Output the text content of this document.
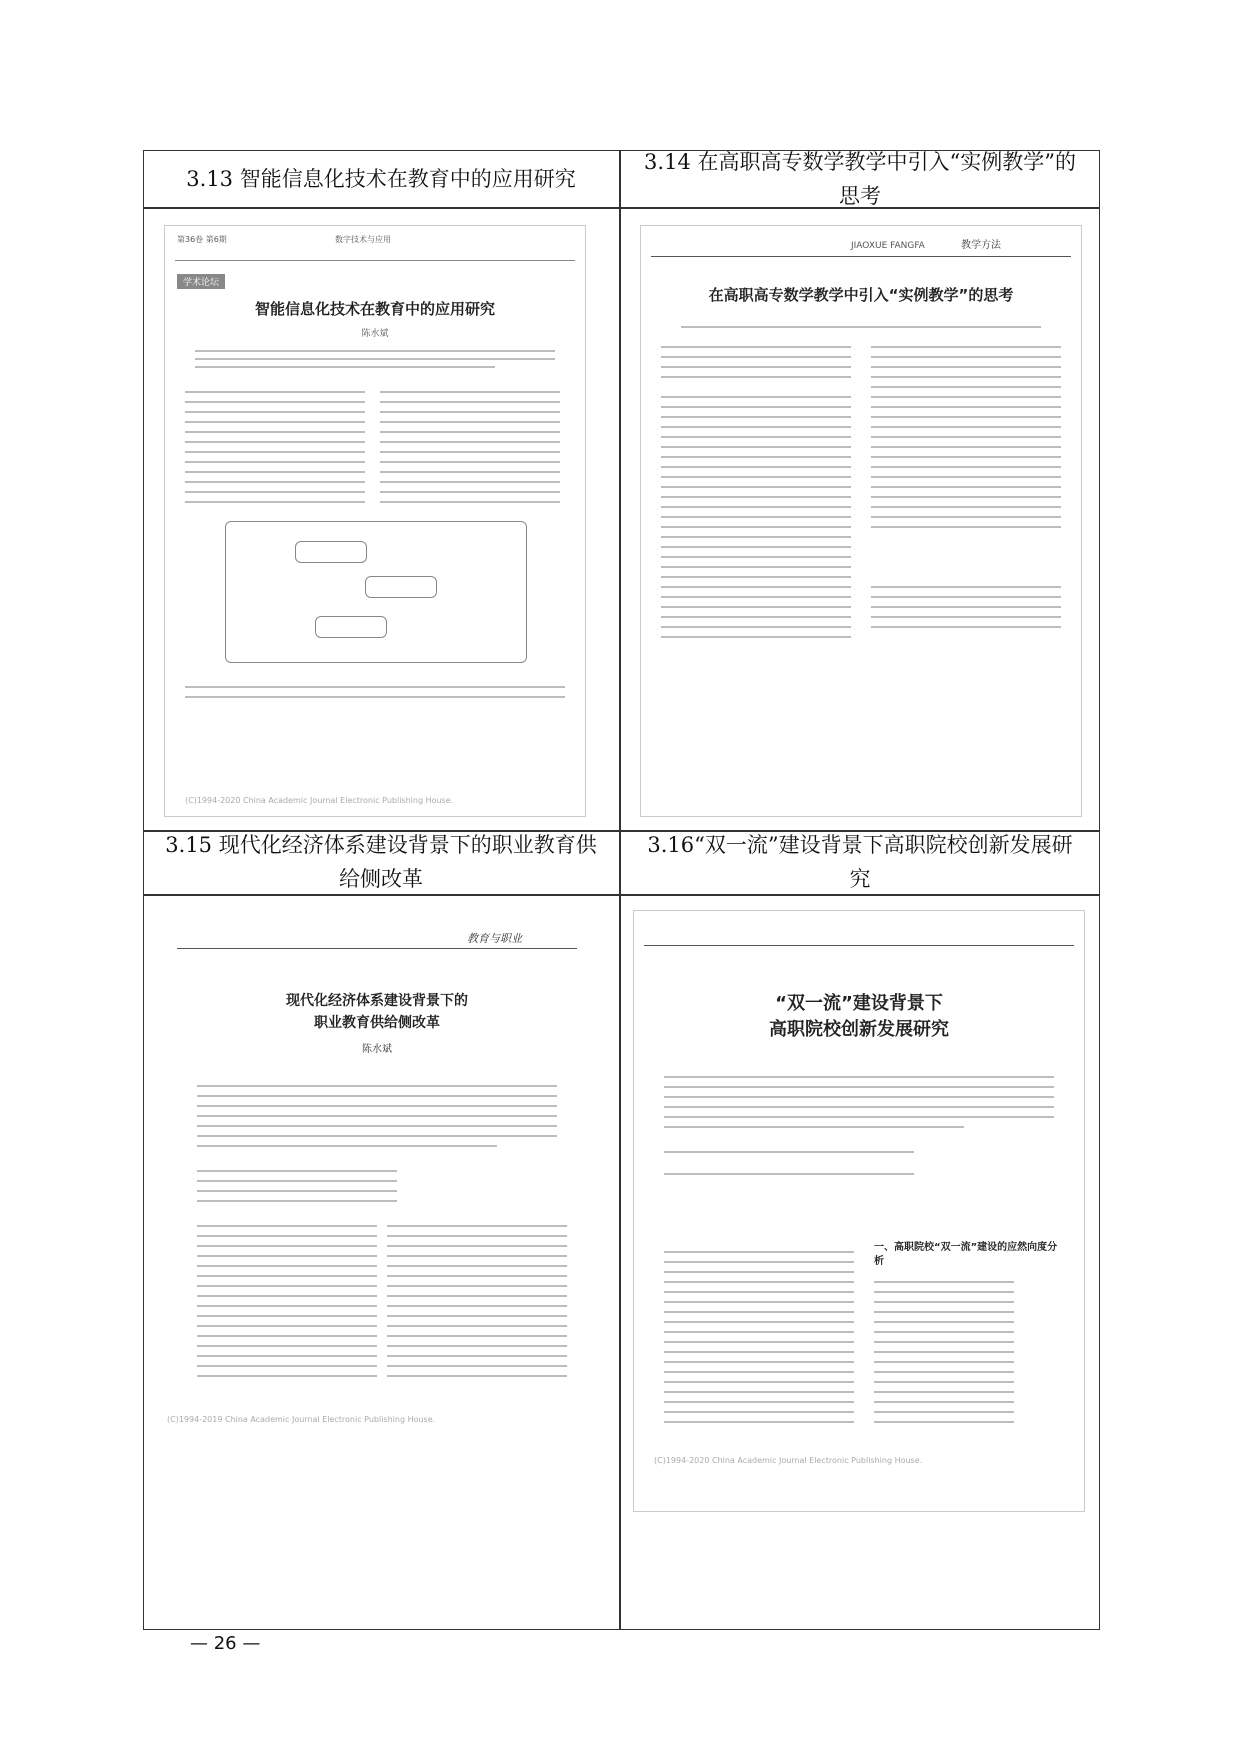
3.13 智能信息化技术在教育中的应用研究
3.14 在高职高专数学教学中引入“实例教学”的思考
3.15 现代化经济体系建设背景下的职业教育供给侧改革
3.16“双一流”建设背景下高职院校创新发展研究
第36卷 第6期	数字技术与应用
学术论坛
智能信息化技术在教育中的应用研究
陈水斌
(C)1994-2020 China Academic Journal Electronic Publishing House.
JIAOXUE FANGFA	教学方法
在高职高专数学教学中引入“实例教学”的思考
教育与职业
现代化经济体系建设背景下的
职业教育供给侧改革
陈水斌
(C)1994-2019 China Academic Journal Electronic Publishing House.
“双一流”建设背景下
高职院校创新发展研究
一、高职院校“双一流”建设的应然向度分析
(C)1994-2020 China Academic Journal Electronic Publishing House.
— 26 —
